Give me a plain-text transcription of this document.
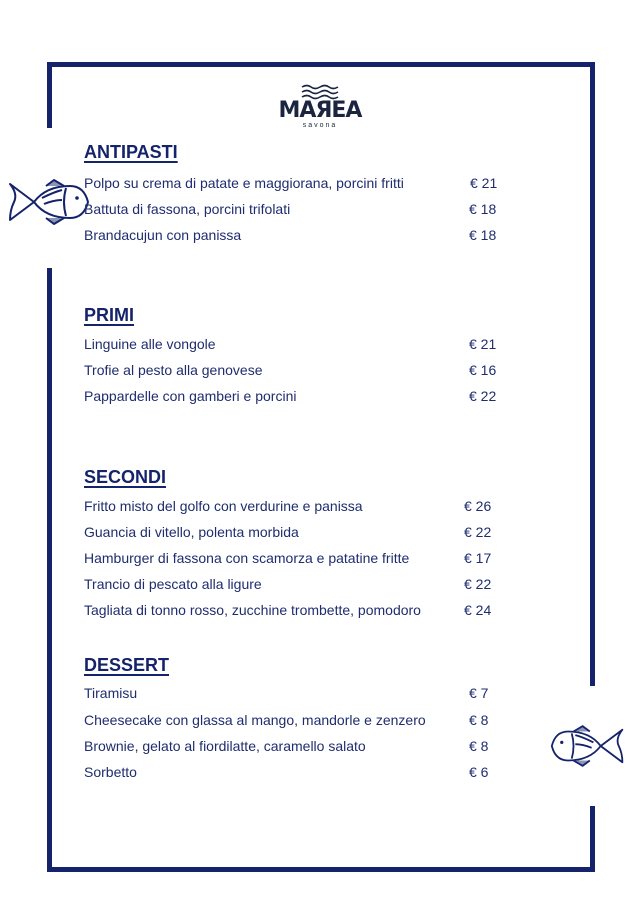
MAЯEA
savona
ANTIPASTI
Polpo su crema di patate e maggiorana, porcini fritti	€ 21
Battuta di fassona, porcini trifolati	€ 18
Brandacujun con panissa	€ 18
PRIMI
Linguine alle vongole	€ 21
Trofie al pesto alla genovese	€ 16
Pappardelle con gamberi e porcini	€ 22
SECONDI
Fritto misto del golfo con verdurine e panissa	€ 26
Guancia di vitello, polenta morbida	€ 22
Hamburger di fassona con scamorza e patatine fritte	€ 17
Trancio di pescato alla ligure	€ 22
Tagliata di tonno rosso, zucchine trombette, pomodoro	€ 24
DESSERT
Tiramisu	€ 7
Cheesecake con glassa al mango, mandorle e zenzero	€ 8
Brownie, gelato al fiordilatte, caramello salato	€ 8
Sorbetto	€ 6
